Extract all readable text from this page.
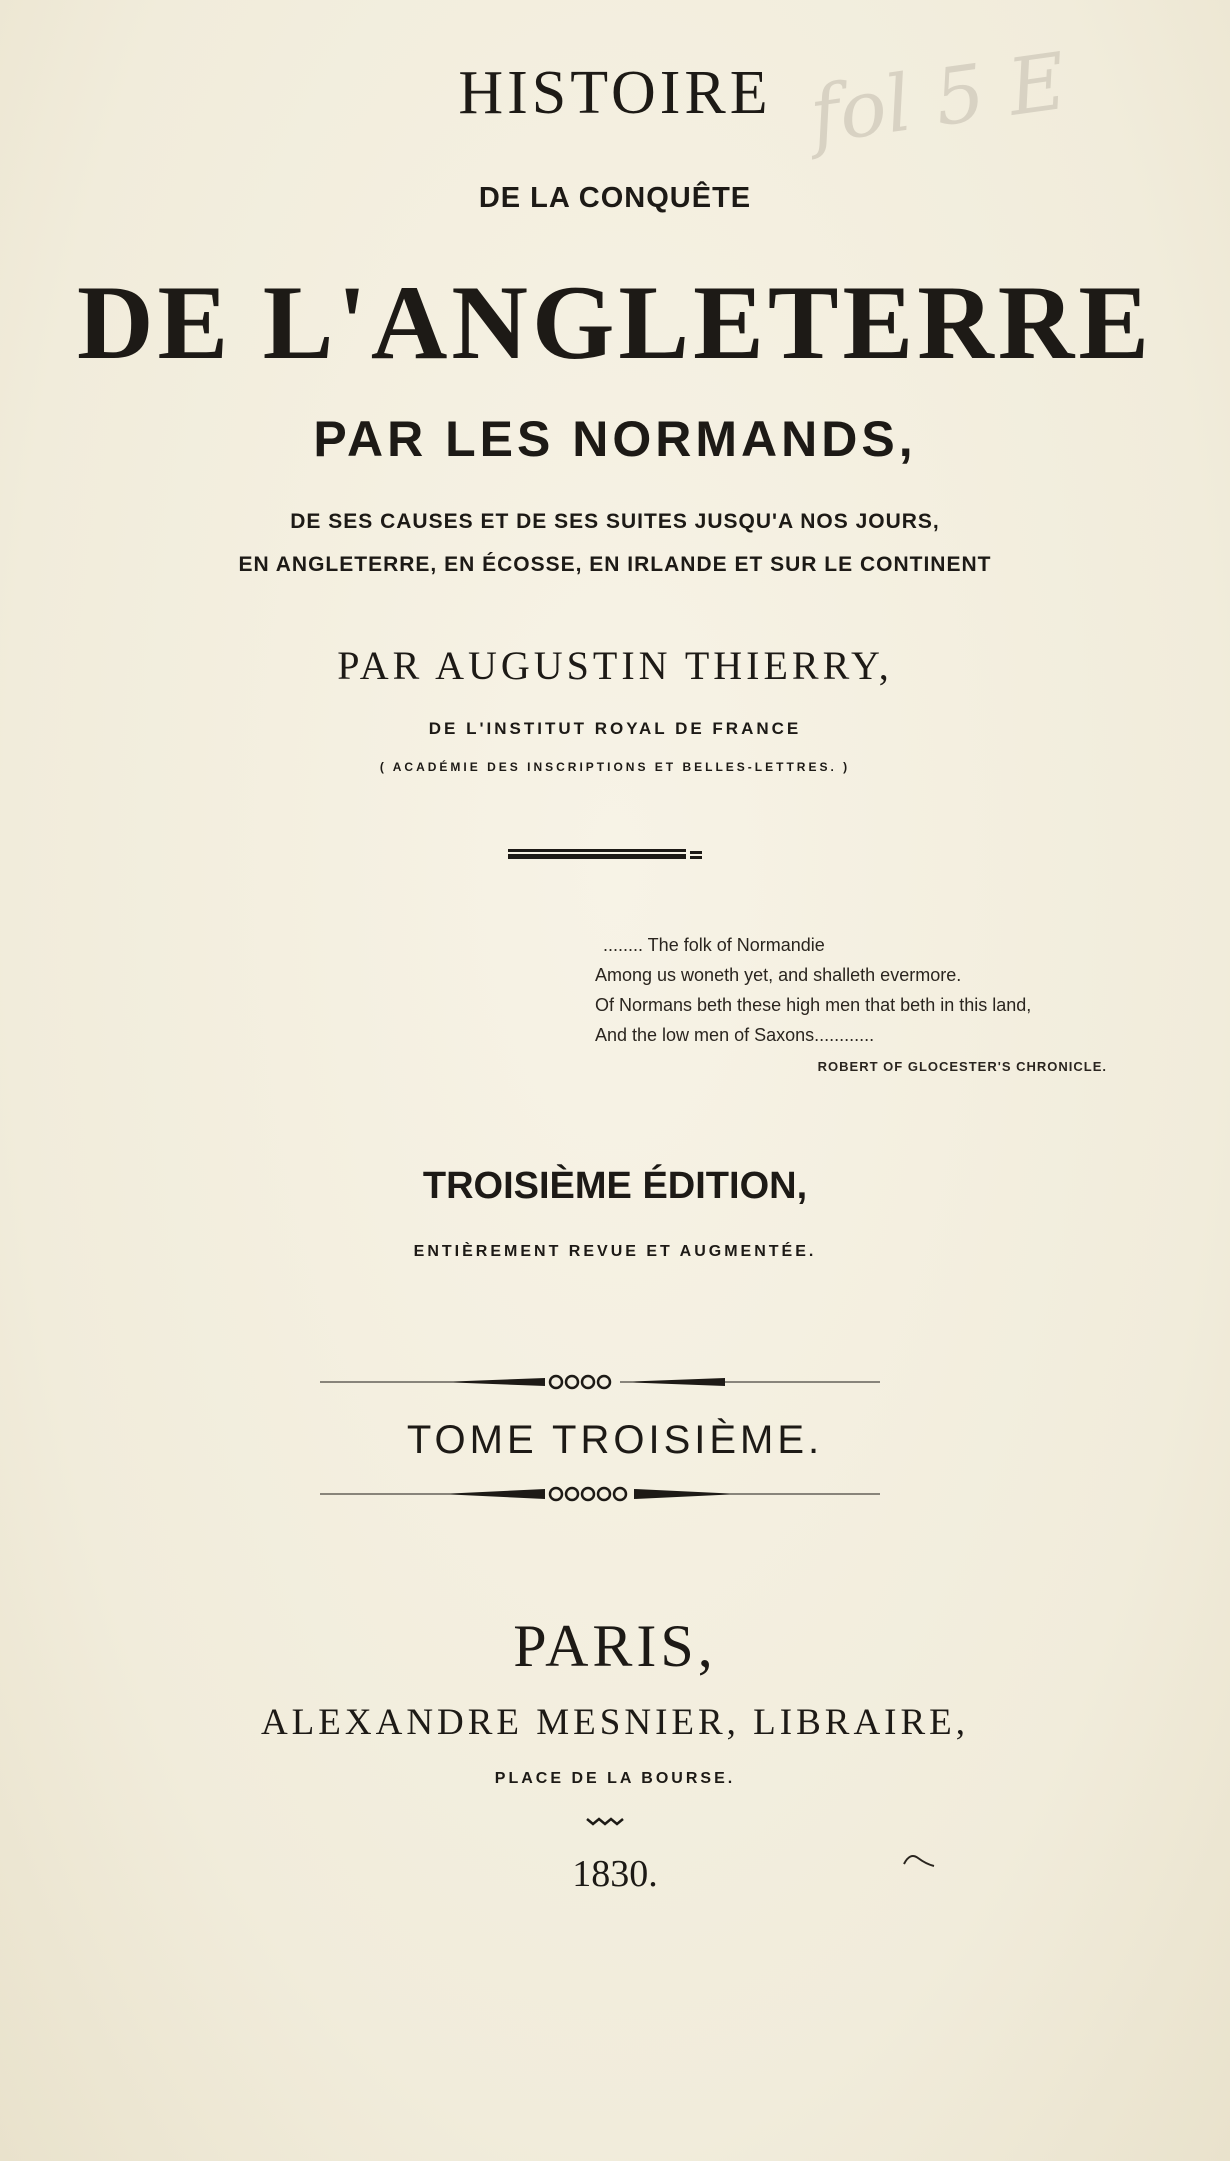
fol 5 E
HISTOIRE
DE LA CONQUÊTE
DE L'ANGLETERRE
PAR LES NORMANDS,
DE SES CAUSES ET DE SES SUITES JUSQU'A NOS JOURS,
EN ANGLETERRE, EN ÉCOSSE, EN IRLANDE ET SUR LE CONTINENT
PAR AUGUSTIN THIERRY,
DE L'INSTITUT ROYAL DE FRANCE
( ACADÉMIE DES INSCRIPTIONS ET BELLES-LETTRES. )
........ The folk of Normandie
Among us woneth yet, and shalleth evermore.
Of Normans beth these high men that beth in this land,
And the low men of Saxons............
ROBERT OF GLOCESTER'S CHRONICLE.
TROISIÈME ÉDITION,
ENTIÈREMENT REVUE ET AUGMENTÉE.
TOME TROISIÈME.
PARIS,
ALEXANDRE MESNIER, LIBRAIRE,
PLACE DE LA BOURSE.
1830.
